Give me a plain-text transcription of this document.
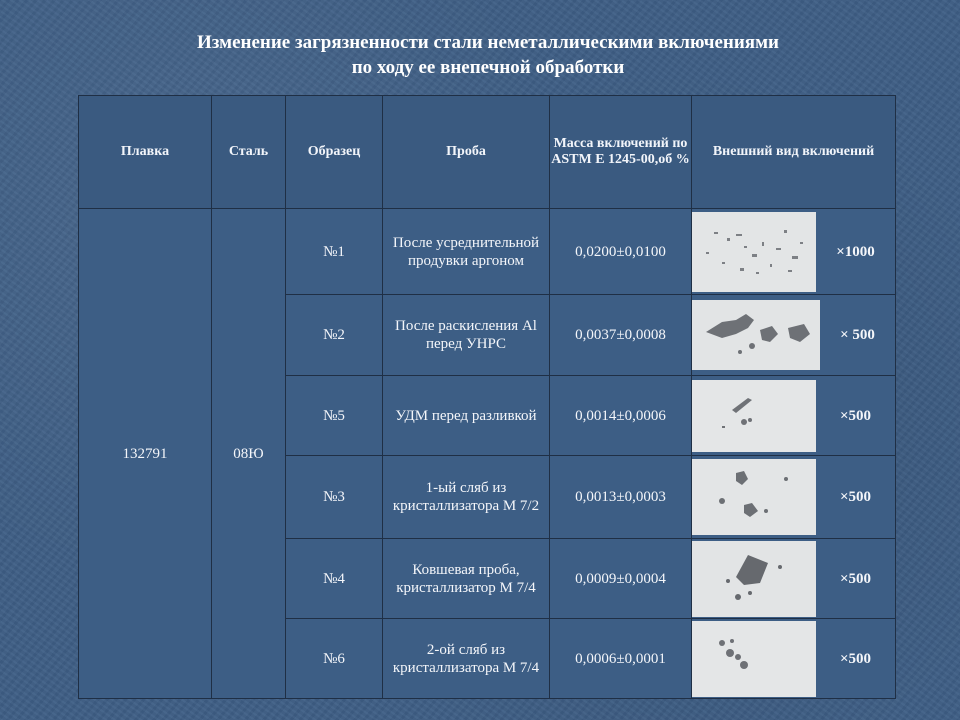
Изменение загрязненности стали неметаллическими включениями
по ходу ее внепечной обработки
Плавка	Сталь	Образец	Проба	Масса включений по ASTM Е 1245-00,об %	Внешний вид включений
132791	08Ю	№1	После усреднительной продувки аргоном	0,0200±0,0100	×1000

		№2	После раскисления Al перед УНРС	0,0037±0,0008	× 500

		№5	УДМ перед разливкой	0,0014±0,0006	×500

		№3	1-ый сляб из кристаллизатора М 7/2	0,0013±0,0003	×500

		№4	Ковшевая проба, кристаллизатор М 7/4	0,0009±0,0004	×500

		№6	2-ой сляб из кристаллизатора М 7/4	0,0006±0,0001	×500
